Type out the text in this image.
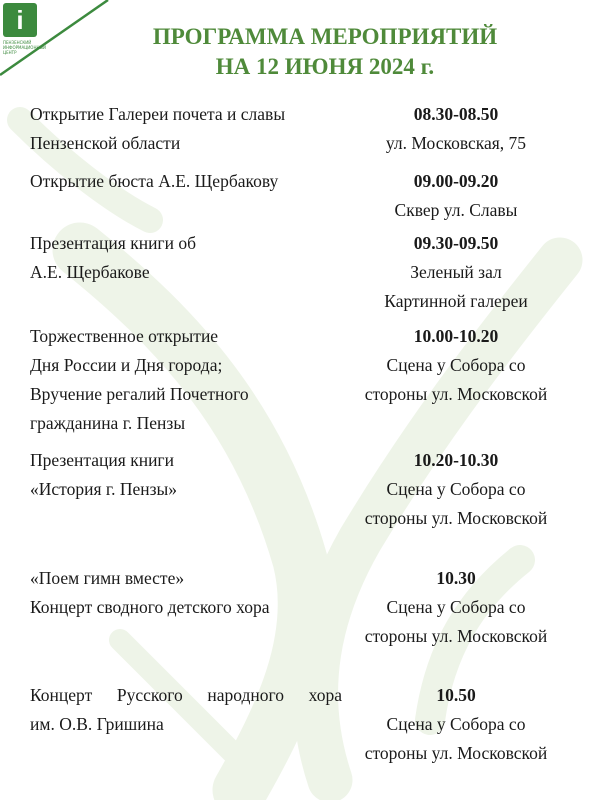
i
ПЕНЗЕНСКИЙ
ИНФОРМАЦИОННЫЙ
ЦЕНТР
ПРОГРАММА МЕРОПРИЯТИЙ
НА 12 ИЮНЯ 2024 г.
Открытие Галереи почета и славы
Пензенской области
08.30-08.50
ул. Московская, 75
Открытие бюста А.Е. Щербакову	09.00-09.20
Сквер ул. Славы
Презентация книги об
А.Е. Щербакове
09.30-09.50
Зеленый зал
Картинной галереи
Торжественное открытие
Дня России и Дня города;
Вручение регалий Почетного
гражданина г. Пензы
10.00-10.20
Сцена у Собора со
стороны ул. Московской
Презентация книги
«История г. Пензы»
10.20-10.30
Сцена у Собора со
стороны ул. Московской
«Поем гимн вместе»
Концерт сводного детского хора
10.30
Сцена у Собора со
стороны ул. Московской
Концерт Русского народного хора
им. О.В. Гришина
10.50
Сцена у Собора со
стороны ул. Московской
